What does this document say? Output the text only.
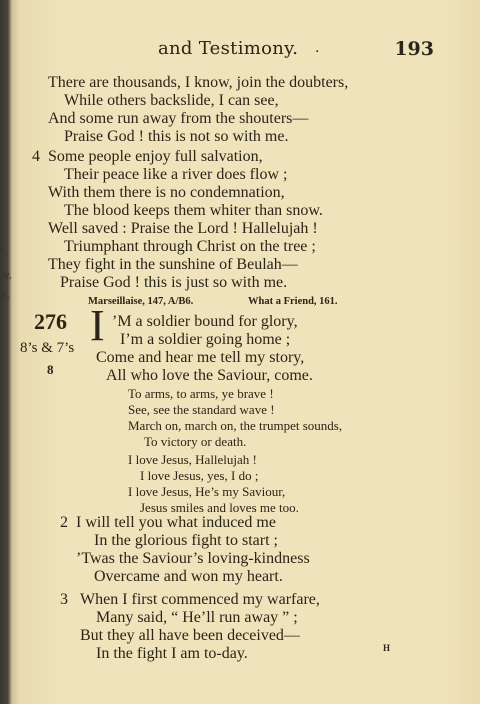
ly,
n,
’,
and Testimony. .	193
There are thousands, I know, join the doubters,
While others backslide, I can see,
And some run away from the shouters—
Praise God ! this is not so with me.
4 Some people enjoy full salvation,
Their peace like a river does flow ;
With them there is no condemnation,
The blood keeps them whiter than snow.
Well saved : Praise the Lord ! Hallelujah !
Triumphant through Christ on the tree ;
They fight in the sunshine of Beulah—
Praise God ! this is just so with me.
Marseillaise, 147, A/B6.	What a Friend, 161.
276
8’s & 7’s
8
I ’M a soldier bound for glory,
I’m a soldier going home ;
Come and hear me tell my story,
All who love the Saviour, come.
To arms, to arms, ye brave !
See, see the standard wave !
March on, march on, the trumpet sounds,
To victory or death.
I love Jesus, Hallelujah !
I love Jesus, yes, I do ;
I love Jesus, He’s my Saviour,
Jesus smiles and loves me too.
2 I will tell you what induced me
In the glorious fight to start ;
’Twas the Saviour’s loving-kindness
Overcame and won my heart.
3 When I first commenced my warfare,
Many said, “ He’ll run away ” ;
But they all have been deceived—
In the fight I am to-day.	H
